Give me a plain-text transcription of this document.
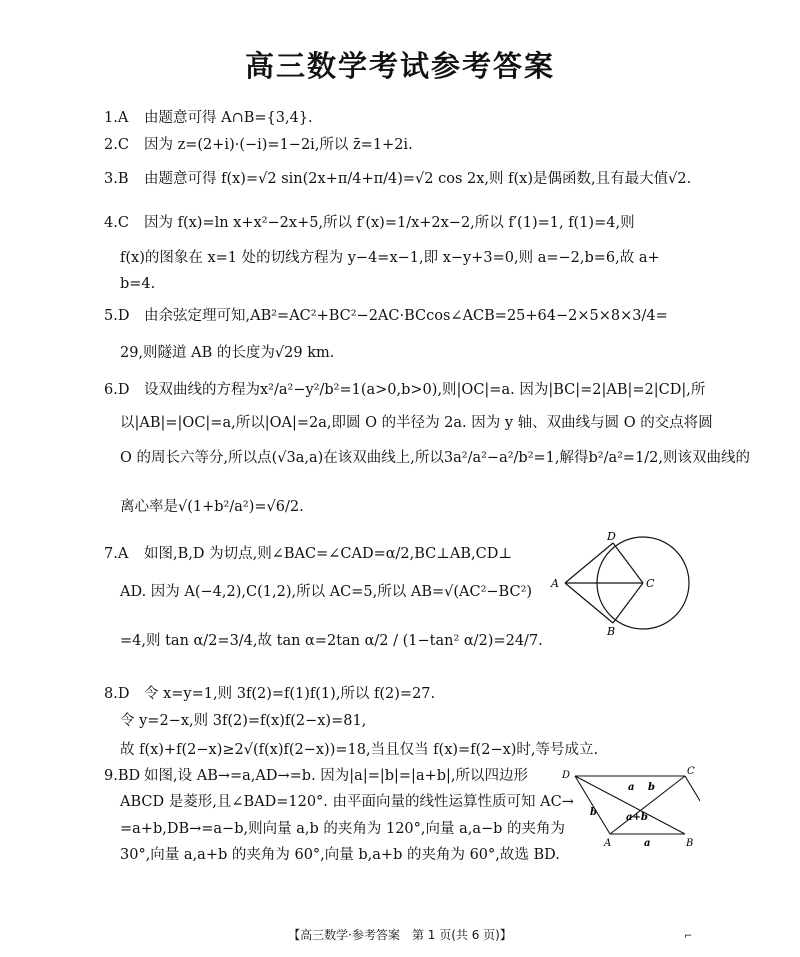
高三数学考试参考答案
1.A 由题意可得 A∩B={3,4}.
2.C 因为 z=(2+i)·(−i)=1−2i,所以 z̄=1+2i.
3.B 由题意可得 f(x)=√2 sin(2x+π/4+π/4)=√2 cos 2x,则 f(x)是偶函数,且有最大值√2.
4.C 因为 f(x)=ln x+x²−2x+5,所以 f′(x)=1/x+2x−2,所以 f′(1)=1, f(1)=4,则
f(x)的图象在 x=1 处的切线方程为 y−4=x−1,即 x−y+3=0,则 a=−2,b=6,故 a+
b=4.
5.D 由余弦定理可知,AB²=AC²+BC²−2AC·BCcos∠ACB=25+64−2×5×8×3/4=
29,则隧道 AB 的长度为√29 km.
6.D 设双曲线的方程为x²/a²−y²/b²=1(a>0,b>0),则|OC|=a. 因为|BC|=2|AB|=2|CD|,所
以|AB|=|OC|=a,所以|OA|=2a,即圆 O 的半径为 2a. 因为 y 轴、双曲线与圆 O 的交点将圆
O 的周长六等分,所以点(√3a,a)在该双曲线上,所以3a²/a²−a²/b²=1,解得b²/a²=1/2,则该双曲线的
离心率是√(1+b²/a²)=√6/2.
7.A 如图,B,D 为切点,则∠BAC=∠CAD=α/2,BC⊥AB,CD⊥
AD. 因为 A(−4,2),C(1,2),所以 AC=5,所以 AB=√(AC²−BC²)
=4,则 tan α/2=3/4,故 tan α=2tan α/2 / (1−tan² α/2)=24/7.
D
A	C
B
8.D 令 x=y=1,则 3f(2)=f(1)f(1),所以 f(2)=27.
令 y=2−x,则 3f(2)=f(x)f(2−x)=81,
故 f(x)+f(2−x)≥2√(f(x)f(2−x))=18,当且仅当 f(x)=f(2−x)时,等号成立.
9.BD 如图,设 AB→=a,AD→=b. 因为|a|=|b|=|a+b|,所以四边形
ABCD 是菱形,且∠BAD=120°. 由平面向量的线性运算性质可知 AC→
=a+b,DB→=a−b,则向量 a,b 的夹角为 120°,向量 a,a−b 的夹角为
30°,向量 a,a+b 的夹角为 60°,向量 b,a+b 的夹角为 60°,故选 BD.
D	C
a b
b	a+b
A	a	B
【高三数学·参考答案　第 1 页(共 6 页)】	⌐
